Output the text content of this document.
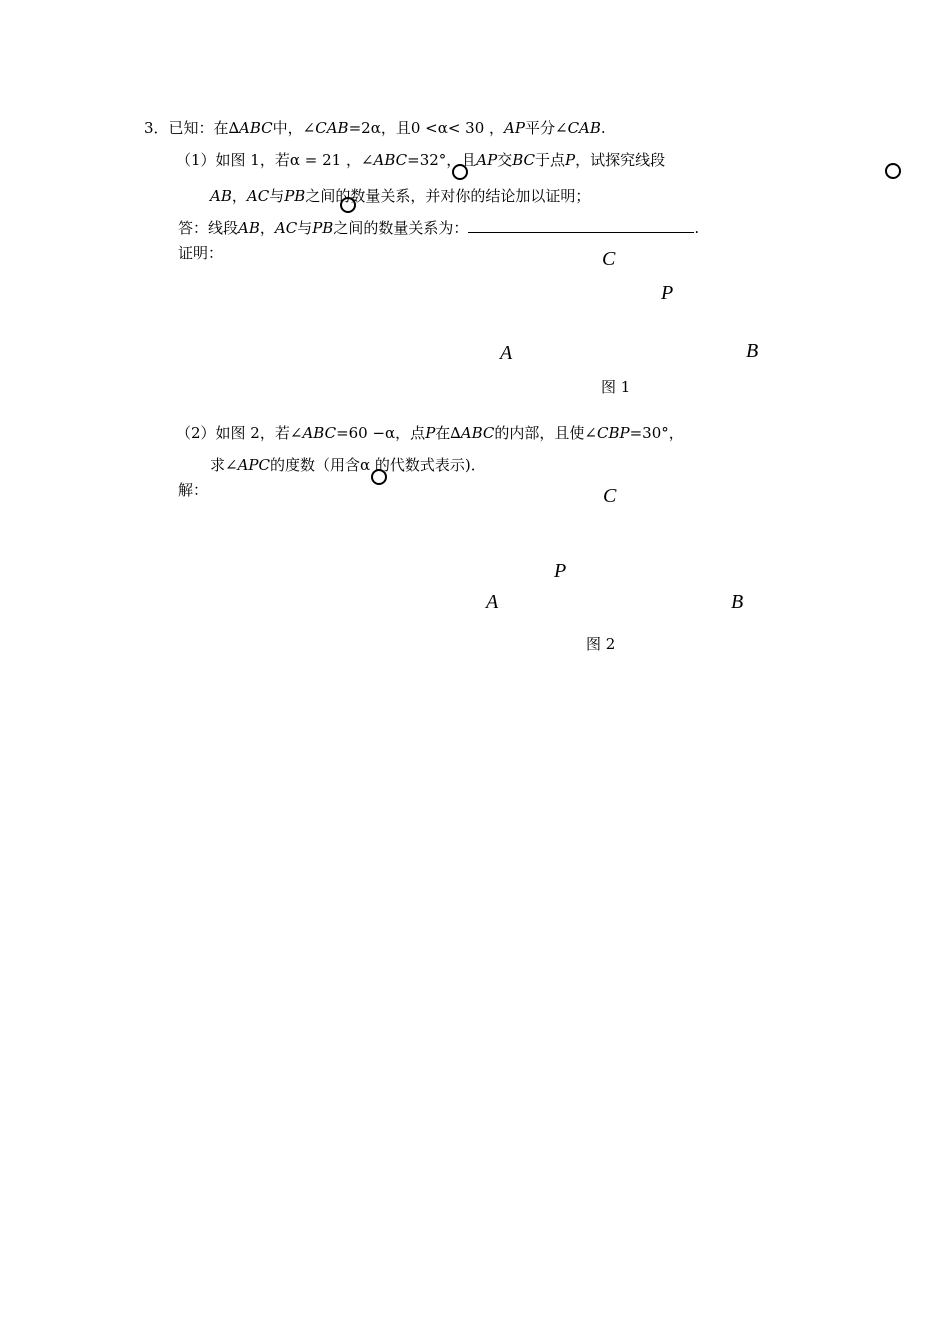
3．已知：在∆ABC中，∠CAB=2α，且0 <α< 30 ，AP平分∠CAB.
（1）如图 1，若α = 21 ，∠ABC=32°，且AP交BC于点P，试探究线段
AB，AC与PB之间的数量关系，并对你的结论加以证明；
答：线段AB，AC与PB之间的数量关系为：	.
证明：	C
P
A	B
图 1
（2）如图 2，若∠ABC=60 −α，点P在∆ABC的内部，且使∠CBP=30°，
求∠APC的度数（用含α 的代数式表示)．
解：	C
P
A	B
图 2
